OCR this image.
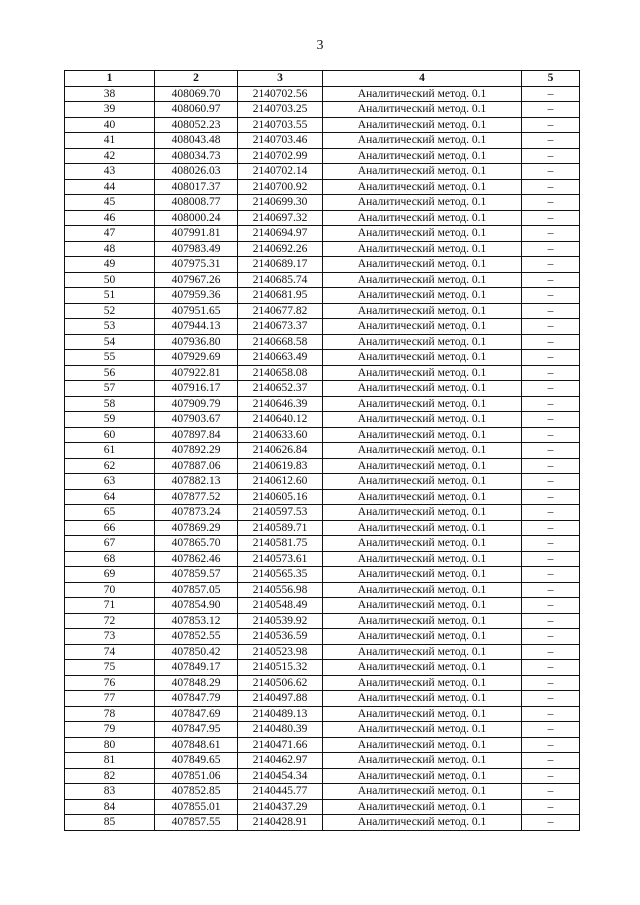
3
1	2	3	4	5
38	408069.70	2140702.56	Аналитический метод. 0.1	–
39	408060.97	2140703.25	Аналитический метод. 0.1	–
40	408052.23	2140703.55	Аналитический метод. 0.1	–
41	408043.48	2140703.46	Аналитический метод. 0.1	–
42	408034.73	2140702.99	Аналитический метод. 0.1	–
43	408026.03	2140702.14	Аналитический метод. 0.1	–
44	408017.37	2140700.92	Аналитический метод. 0.1	–
45	408008.77	2140699.30	Аналитический метод. 0.1	–
46	408000.24	2140697.32	Аналитический метод. 0.1	–
47	407991.81	2140694.97	Аналитический метод. 0.1	–
48	407983.49	2140692.26	Аналитический метод. 0.1	–
49	407975.31	2140689.17	Аналитический метод. 0.1	–
50	407967.26	2140685.74	Аналитический метод. 0.1	–
51	407959.36	2140681.95	Аналитический метод. 0.1	–
52	407951.65	2140677.82	Аналитический метод. 0.1	–
53	407944.13	2140673.37	Аналитический метод. 0.1	–
54	407936.80	2140668.58	Аналитический метод. 0.1	–
55	407929.69	2140663.49	Аналитический метод. 0.1	–
56	407922.81	2140658.08	Аналитический метод. 0.1	–
57	407916.17	2140652.37	Аналитический метод. 0.1	–
58	407909.79	2140646.39	Аналитический метод. 0.1	–
59	407903.67	2140640.12	Аналитический метод. 0.1	–
60	407897.84	2140633.60	Аналитический метод. 0.1	–
61	407892.29	2140626.84	Аналитический метод. 0.1	–
62	407887.06	2140619.83	Аналитический метод. 0.1	–
63	407882.13	2140612.60	Аналитический метод. 0.1	–
64	407877.52	2140605.16	Аналитический метод. 0.1	–
65	407873.24	2140597.53	Аналитический метод. 0.1	–
66	407869.29	2140589.71	Аналитический метод. 0.1	–
67	407865.70	2140581.75	Аналитический метод. 0.1	–
68	407862.46	2140573.61	Аналитический метод. 0.1	–
69	407859.57	2140565.35	Аналитический метод. 0.1	–
70	407857.05	2140556.98	Аналитический метод. 0.1	–
71	407854.90	2140548.49	Аналитический метод. 0.1	–
72	407853.12	2140539.92	Аналитический метод. 0.1	–
73	407852.55	2140536.59	Аналитический метод. 0.1	–
74	407850.42	2140523.98	Аналитический метод. 0.1	–
75	407849.17	2140515.32	Аналитический метод. 0.1	–
76	407848.29	2140506.62	Аналитический метод. 0.1	–
77	407847.79	2140497.88	Аналитический метод. 0.1	–
78	407847.69	2140489.13	Аналитический метод. 0.1	–
79	407847.95	2140480.39	Аналитический метод. 0.1	–
80	407848.61	2140471.66	Аналитический метод. 0.1	–
81	407849.65	2140462.97	Аналитический метод. 0.1	–
82	407851.06	2140454.34	Аналитический метод. 0.1	–
83	407852.85	2140445.77	Аналитический метод. 0.1	–
84	407855.01	2140437.29	Аналитический метод. 0.1	–
85	407857.55	2140428.91	Аналитический метод. 0.1	–
